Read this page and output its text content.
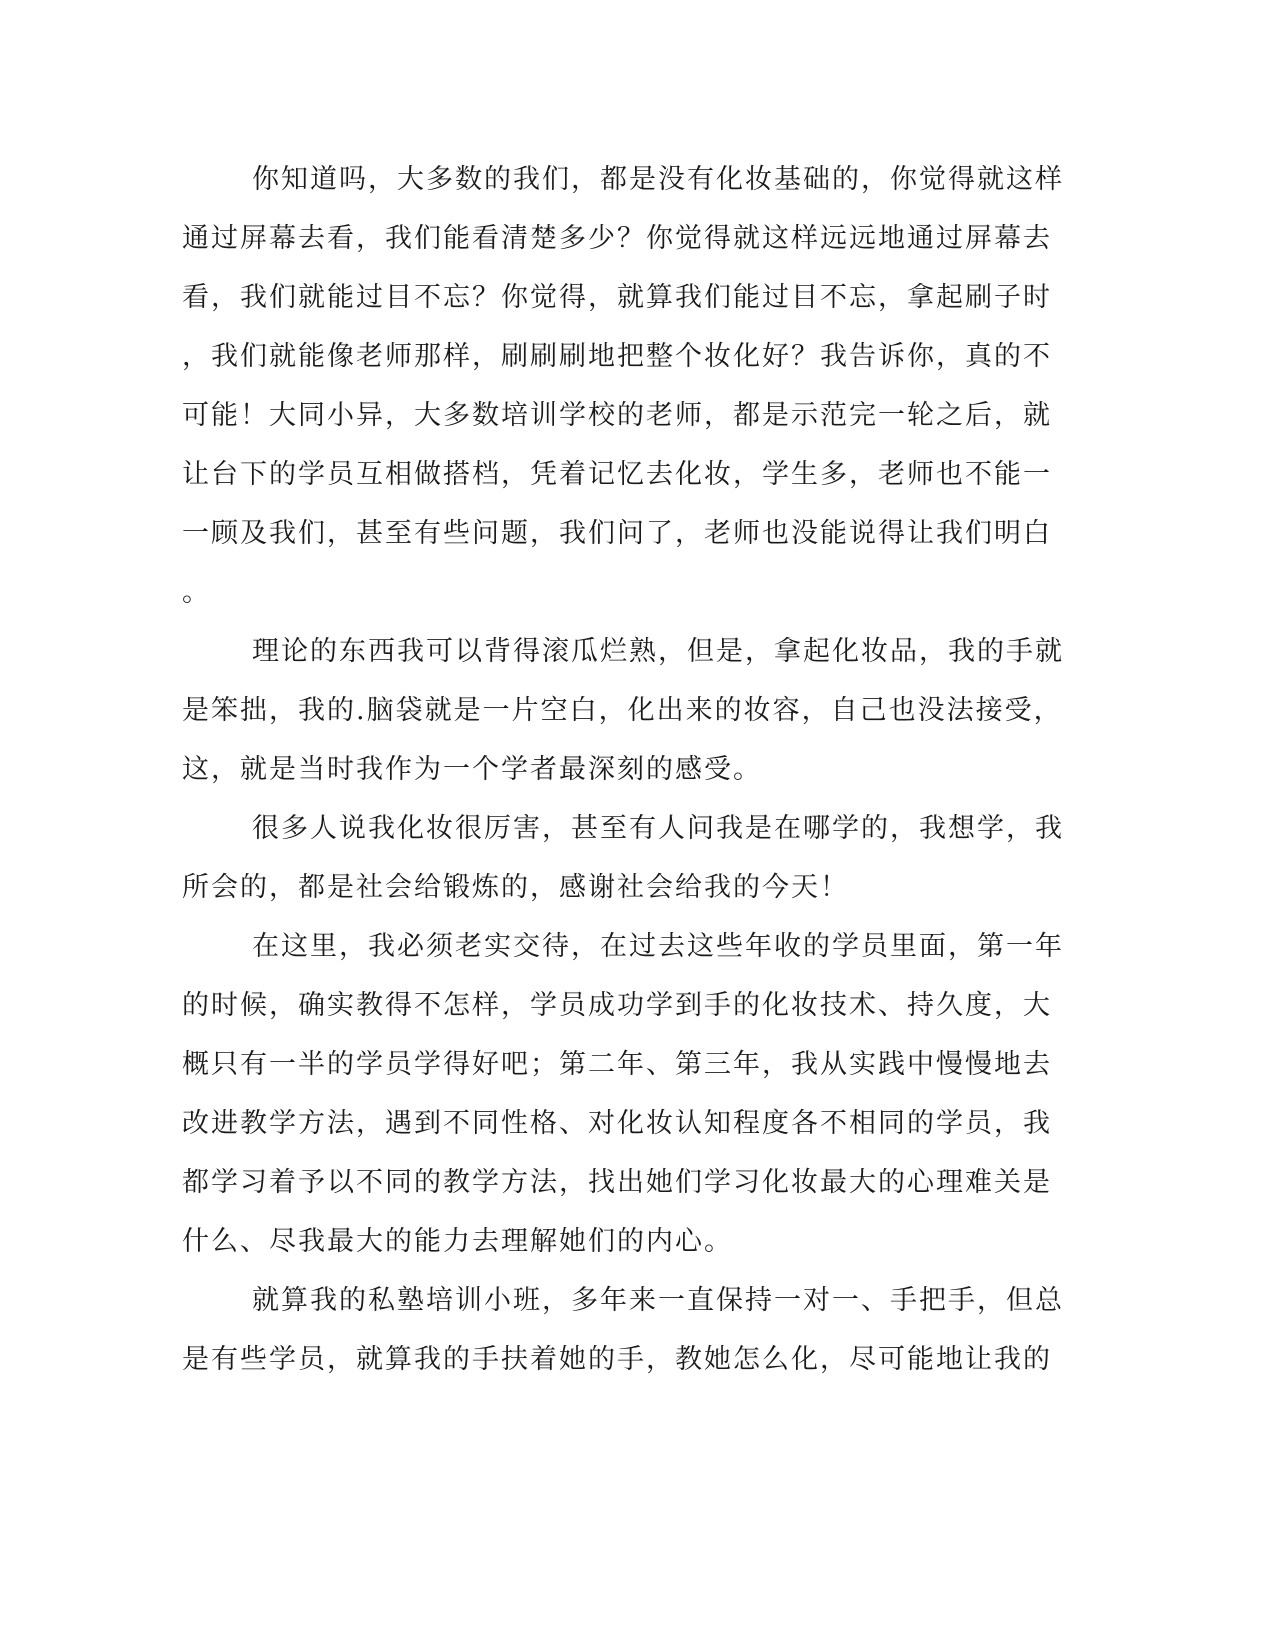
你知道吗，大多数的我们，都是没有化妆基础的，你觉得就这样
通过屏幕去看，我们能看清楚多少？你觉得就这样远远地通过屏幕去
看，我们就能过目不忘？你觉得，就算我们能过目不忘，拿起刷子时
，我们就能像老师那样，刷刷刷地把整个妆化好？我告诉你，真的不
可能！大同小异，大多数培训学校的老师，都是示范完一轮之后，就
让台下的学员互相做搭档，凭着记忆去化妆，学生多，老师也不能一
一顾及我们，甚至有些问题，我们问了，老师也没能说得让我们明白
。
理论的东西我可以背得滚瓜烂熟，但是，拿起化妆品，我的手就
是笨拙，我的.脑袋就是一片空白，化出来的妆容，自己也没法接受，
这，就是当时我作为一个学者最深刻的感受。
很多人说我化妆很厉害，甚至有人问我是在哪学的，我想学，我
所会的，都是社会给锻炼的，感谢社会给我的今天！
在这里，我必须老实交待，在过去这些年收的学员里面，第一年
的时候，确实教得不怎样，学员成功学到手的化妆技术、持久度，大
概只有一半的学员学得好吧；第二年、第三年，我从实践中慢慢地去
改进教学方法，遇到不同性格、对化妆认知程度各不相同的学员，我
都学习着予以不同的教学方法，找出她们学习化妆最大的心理难关是
什么、尽我最大的能力去理解她们的内心。
就算我的私塾培训小班，多年来一直保持一对一、手把手，但总
是有些学员，就算我的手扶着她的手，教她怎么化，尽可能地让我的
